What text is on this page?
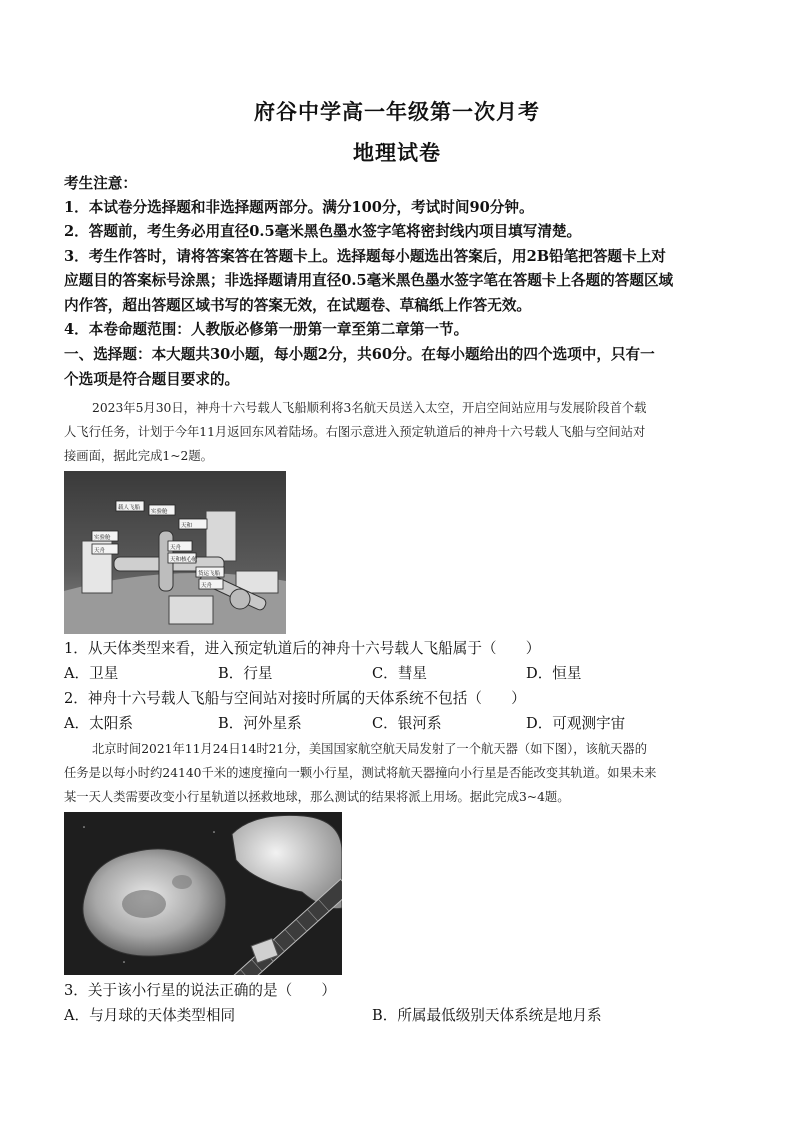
府谷中学高一年级第一次月考
地理试卷
考生注意：
1．本试卷分选择题和非选择题两部分。满分100分，考试时间90分钟。
2．答题前，考生务必用直径0.5毫米黑色墨水签字笔将密封线内项目填写清楚。
3．考生作答时，请将答案答在答题卡上。选择题每小题选出答案后，用2B铅笔把答题卡上对
应题目的答案标号涂黑；非选择题请用直径0.5毫米黑色墨水签字笔在答题卡上各题的答题区域
内作答，超出答题区域书写的答案无效，在试题卷、草稿纸上作答无效。
4．本卷命题范围：人教版必修第一册第一章至第二章第一节。
一、选择题：本大题共30小题，每小题2分，共60分。在每小题给出的四个选项中，只有一
个选项是符合题目要求的。
2023年5月30日，神舟十六号载人飞船顺利将3名航天员送入太空，开启空间站应用与发展阶段首个载
人飞行任务，计划于今年11月返回东风着陆场。右图示意进入预定轨道后的神舟十六号载人飞船与空间站对
接画面，据此完成1~2题。
载人飞船
实验舱
天和
实验舱
天舟	天舟
天和核心舱
货运飞船
天舟
1．从天体类型来看，进入预定轨道后的神舟十六号载人飞船属于（　　）
A．卫星	B．行星	C．彗星	D．恒星
2．神舟十六号载人飞船与空间站对接时所属的天体系统不包括（　　）
A．太阳系	B．河外星系	C．银河系	D．可观测宇宙
北京时间2021年11月24日14时21分，美国国家航空航天局发射了一个航天器（如下图），该航天器的
任务是以每小时约24140千米的速度撞向一颗小行星，测试将航天器撞向小行星是否能改变其轨道。如果未来
某一天人类需要改变小行星轨道以拯救地球，那么测试的结果将派上用场。据此完成3~4题。
3．关于该小行星的说法正确的是（　　）
A．与月球的天体类型相同	B．所属最低级别天体系统是地月系
